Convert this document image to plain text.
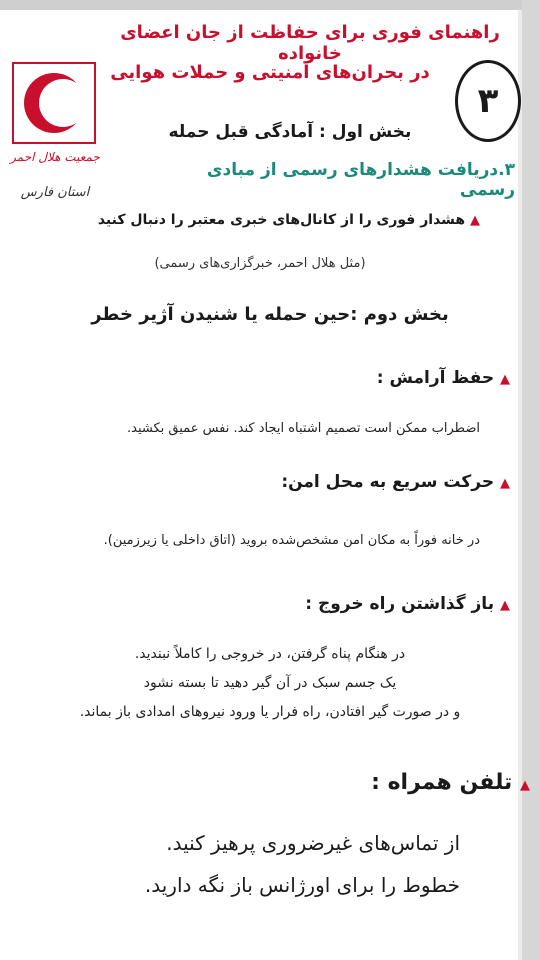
راهنمای فوری برای حفاظت از جان اعضای خانواده
در بحران‌های امنیتی و حملات هوایی
۳
جمعیت هلال احمر
استان فارس
بخش اول : آمادگی قبل حمله
۳.دریافت هشدارهای رسمی از مبادی رسمی
▲ هشدار فوری را از کانال‌های خبری معتبر را دنبال کنید
(مثل هلال احمر، خبرگزاری‌های رسمی)
بخش دوم :حین حمله یا شنیدن آژیر خطر
▲ حفظ آرامش :
اضطراب ممکن است تصمیم اشتباه ایجاد کند. نفس عمیق بکشید.
▲ حرکت سریع به محل امن:
در خانه فوراً به مکان امن مشخص‌شده بروید (اتاق داخلی یا زیرزمین).
▲ باز گذاشتن راه خروج :
در هنگام پناه گرفتن، در خروجی را کاملاً نبندید.
یک جسم سبک در آن گیر دهید تا بسته نشود
و در صورت گیر افتادن، راه فرار یا ورود نیروهای امدادی باز بماند.
▲ تلفن همراه :
از تماس‌های غیرضروری پرهیز کنید.
خطوط را برای اورژانس باز نگه دارید.
